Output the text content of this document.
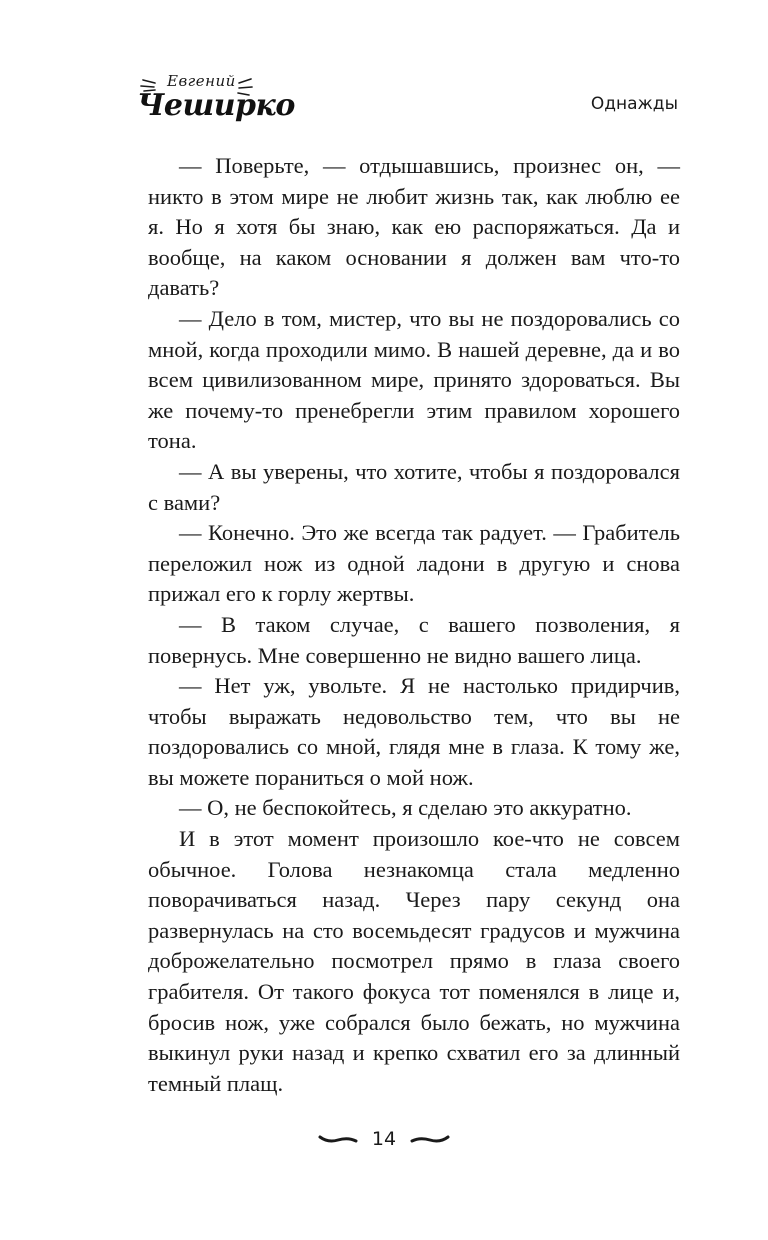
Евгений
Чеширко	Однажды

— Поверьте, — отдышавшись, произнес он, — никто в этом мире не любит жизнь так, как люблю ее я. Но я хотя бы знаю, как ею распоряжаться. Да и вообще, на каком основании я должен вам что-то давать?

— Дело в том, мистер, что вы не поздоровались со мной, когда проходили мимо. В нашей деревне, да и во всем цивилизованном мире, принято здороваться. Вы же почему-то пренебрегли этим правилом хорошего тона.

— А вы уверены, что хотите, чтобы я поздоровался с вами?

— Конечно. Это же всегда так радует. — Грабитель переложил нож из одной ладони в другую и снова прижал его к горлу жертвы.

— В таком случае, с вашего позволения, я повернусь. Мне совершенно не видно вашего лица.

— Нет уж, увольте. Я не настолько придирчив, чтобы выражать недовольство тем, что вы не поздоровались со мной, глядя мне в глаза. К тому же, вы можете пораниться о мой нож.

— О, не беспокойтесь, я сделаю это аккуратно.

И в этот момент произошло кое-что не совсем обычное. Голова незнакомца стала медленно поворачиваться назад. Через пару секунд она развернулась на сто восемьдесят градусов и мужчина доброжелательно посмотрел прямо в глаза своего грабителя. От такого фокуса тот поменялся в лице и, бросив нож, уже собрался было бежать, но мужчина выкинул руки назад и крепко схватил его за длинный темный плащ.

14
